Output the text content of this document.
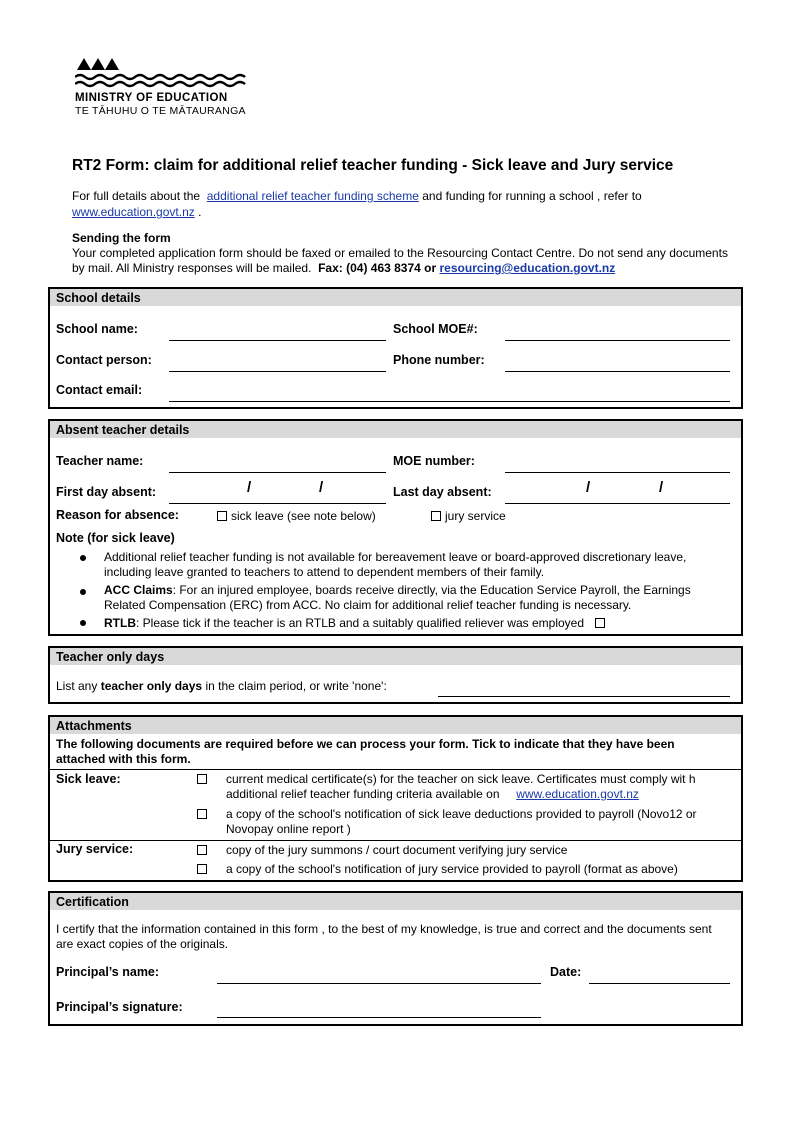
MINISTRY OF EDUCATION
TE TĀHUHU O TE MĀTAURANGA
RT2 Form: claim for additional relief teacher funding - Sick leave and Jury service
For full details about the additional relief teacher funding scheme and funding for running a school , refer to
www.education.govt.nz .
Sending the form
Your completed application form should be faxed or emailed to the Resourcing Contact Centre. Do not send any documents by mail. All Ministry responses will be mailed. Fax: (04) 463 8374 or resourcing@education.govt.nz
School details
School name:	School MOE#:
Contact person:	Phone number:
Contact email:
Absent teacher details
Teacher name:	MOE number:
First day absent:	/	/	Last day absent:	/	/
Reason for absence:	sick leave (see note below)	jury service
Note (for sick leave)
Additional relief teacher funding is not available for bereavement leave or board-approved discretionary leave, including leave granted to teachers to attend to dependent members of their family.
ACC Claims: For an injured employee, boards receive directly, via the Education Service Payroll, the Earnings Related Compensation (ERC) from ACC. No claim for additional relief teacher funding is necessary.
RTLB: Please tick if the teacher is an RTLB and a suitably qualified reliever was employed
Teacher only days
List any teacher only days in the claim period, or write 'none':
Attachments
The following documents are required before we can process your form. Tick to indicate that they have been attached with this form.
Sick leave:	current medical certificate(s) for the teacher on sick leave. Certificates must comply wit h additional relief teacher funding criteria available on www.education.govt.nz
a copy of the school's notification of sick leave deductions provided to payroll (Novo12 or Novopay online report )
Jury service:	copy of the jury summons / court document verifying jury service
a copy of the school's notification of jury service provided to payroll (format as above)
Certification
I certify that the information contained in this form , to the best of my knowledge, is true and correct and the documents sent are exact copies of the originals.
Principal’s name:	Date:
Principal’s signature:
